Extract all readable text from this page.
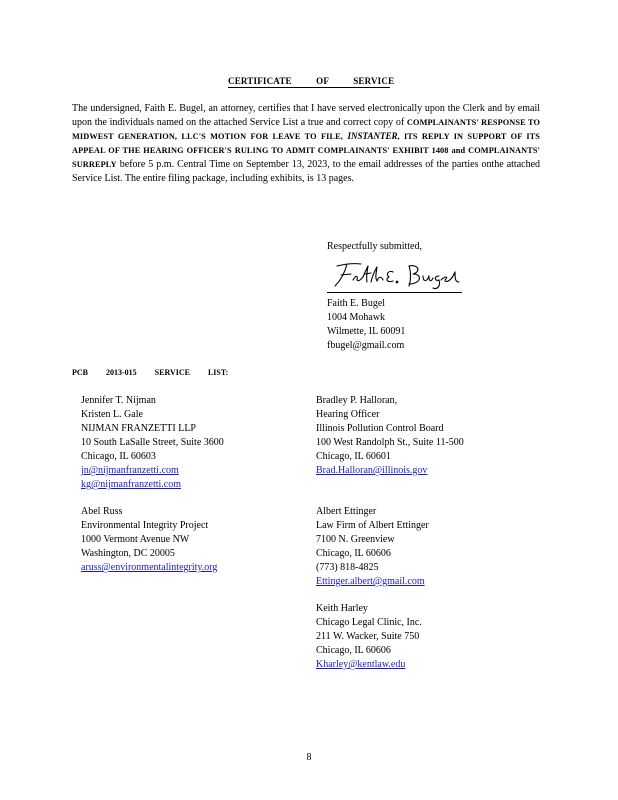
CERTIFICATE OF SERVICE
The undersigned, Faith E. Bugel, an attorney, certifies that I have served electronically upon the Clerk and by email upon the individuals named on the attached Service List a true and correct copy of COMPLAINANTS' RESPONSE TO MIDWEST GENERATION, LLC'S MOTION FOR LEAVE TO FILE, INSTANTER, ITS REPLY IN SUPPORT OF ITS APPEAL OF THE HEARING OFFICER'S RULING TO ADMIT COMPLAINANTS' EXHIBIT 1408 and COMPLAINANTS' SURREPLY before 5 p.m. Central Time on September 13, 2023, to the email addresses of the parties onthe attached Service List. The entire filing package, including exhibits, is 13 pages.
Respectfully submitted,
Faith E. Bugel
1004 Mohawk
Wilmette, IL 60091
fbugel@gmail.com
PCB 2013-015 SERVICE LIST:
Jennifer T. Nijman
Kristen L. Gale
NIJMAN FRANZETTI LLP
10 South LaSalle Street, Suite 3600
Chicago, IL 60603
jn@nijmanfranzetti.com
kg@nijmanfranzetti.com
Abel Russ
Environmental Integrity Project
1000 Vermont Avenue NW
Washington, DC 20005
aruss@environmentalintegrity.org
Bradley P. Halloran,
Hearing Officer
Illinois Pollution Control Board
100 West Randolph St., Suite 11-500
Chicago, IL 60601
Brad.Halloran@illinois.gov
Albert Ettinger
Law Firm of Albert Ettinger
7100 N. Greenview
Chicago, IL 60606
(773) 818-4825
Ettinger.albert@gmail.com
Keith Harley
Chicago Legal Clinic, Inc.
211 W. Wacker, Suite 750
Chicago, IL 60606
Kharley@kentlaw.edu
8
